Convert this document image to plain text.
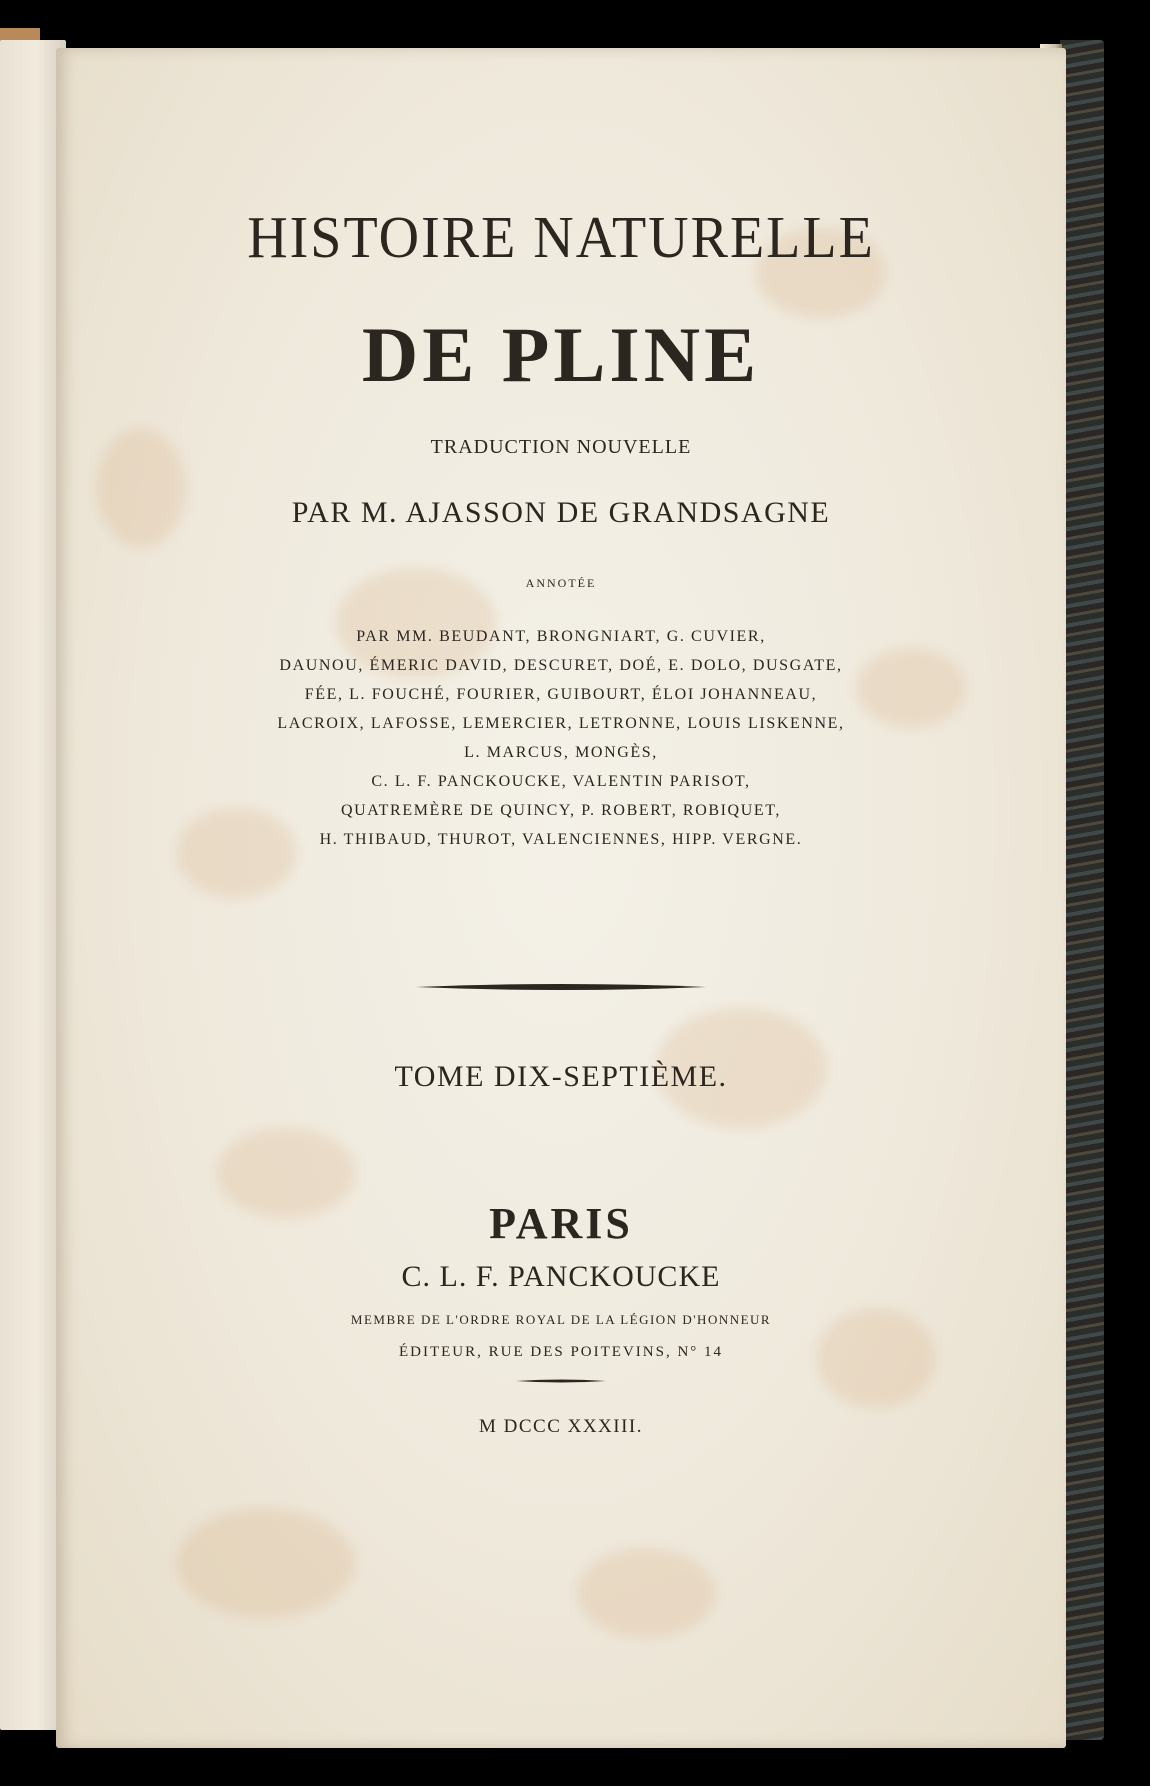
HISTOIRE NATURELLE
DE PLINE
TRADUCTION NOUVELLE
PAR M. AJASSON DE GRANDSAGNE
ANNOTÉE
PAR MM. BEUDANT, BRONGNIART, G. CUVIER,
DAUNOU, ÉMERIC DAVID, DESCURET, DOÉ, E. DOLO, DUSGATE,
FÉE, L. FOUCHÉ, FOURIER, GUIBOURT, ÉLOI JOHANNEAU,
LACROIX, LAFOSSE, LEMERCIER, LETRONNE, LOUIS LISKENNE,
L. MARCUS, MONGÈS,
C. L. F. PANCKOUCKE, VALENTIN PARISOT,
QUATREMÈRE DE QUINCY, P. ROBERT, ROBIQUET,
H. THIBAUD, THUROT, VALENCIENNES, HIPP. VERGNE.
TOME DIX-SEPTIÈME.
PARIS
C. L. F. PANCKOUCKE
MEMBRE DE L'ORDRE ROYAL DE LA LÉGION D'HONNEUR
ÉDITEUR, RUE DES POITEVINS, N° 14
M DCCC XXXIII.
